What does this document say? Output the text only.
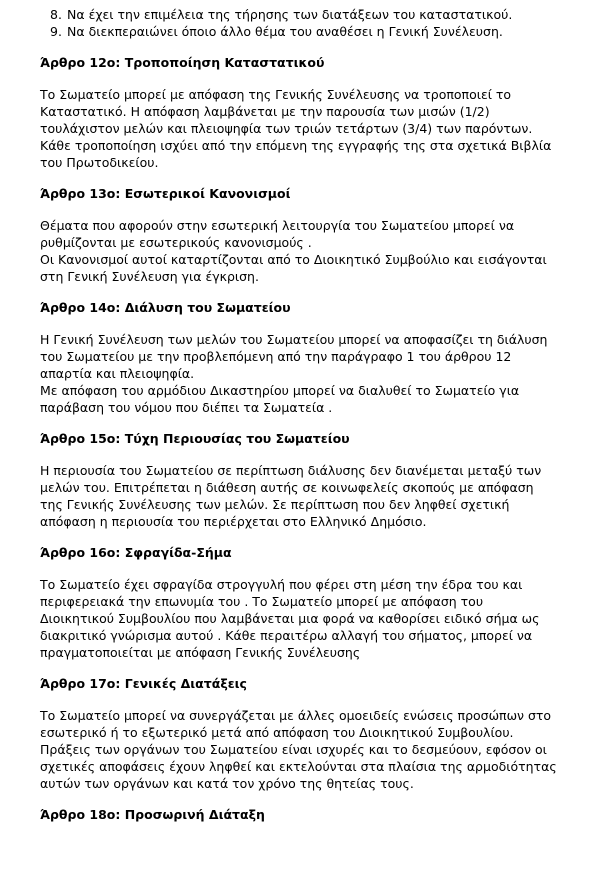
8. Να έχει την επιμέλεια της τήρησης των διατάξεων του καταστατικού.
9. Να διεκπεραιώνει όποιο άλλο θέμα του αναθέσει η Γενική Συνέλευση.
Άρθρο 12ο: Τροποποίηση Καταστατικού

Το Σωματείο μπορεί με απόφαση της Γενικής Συνέλευσης να τροποποιεί το Καταστατικό. Η απόφαση λαμβάνεται με την παρουσία των μισών (1/2) τουλάχιστον μελών και πλειοψηφία των τριών τετάρτων (3/4) των παρόντων.

Κάθε τροποποίηση ισχύει από την επόμενη της εγγραφής της στα σχετικά Βιβλία του Πρωτοδικείου.

Άρθρο 13ο: Εσωτερικοί Κανονισμοί

Θέματα που αφορούν στην εσωτερική λειτουργία του Σωματείου μπορεί να ρυθμίζονται με εσωτερικούς κανονισμούς .

Οι Κανονισμοί αυτοί καταρτίζονται από το Διοικητικό Συμβούλιο και εισάγονται στη Γενική Συνέλευση για έγκριση.

Άρθρο 14ο: Διάλυση του Σωματείου

Η Γενική Συνέλευση των μελών του Σωματείου μπορεί να αποφασίζει τη διάλυση του Σωματείου με την προβλεπόμενη από την παράγραφο 1 του άρθρου 12 απαρτία και πλειοψηφία.

Με απόφαση του αρμόδιου Δικαστηρίου μπορεί να διαλυθεί το Σωματείο για παράβαση του νόμου που διέπει τα Σωματεία .

Άρθρο 15ο: Τύχη Περιουσίας του Σωματείου

Η περιουσία του Σωματείου σε περίπτωση διάλυσης δεν διανέμεται μεταξύ των μελών του. Επιτρέπεται η διάθεση αυτής σε κοινωφελείς σκοπούς με απόφαση της Γενικής Συνέλευσης των μελών. Σε περίπτωση που δεν ληφθεί σχετική απόφαση η περιουσία του περιέρχεται στο Ελληνικό Δημόσιο.

Άρθρο 16ο: Σφραγίδα-Σήμα

Το Σωματείο έχει σφραγίδα στρογγυλή που φέρει στη μέση την έδρα του και περιφερειακά την επωνυμία του . Το Σωματείο μπορεί με απόφαση του Διοικητικού Συμβουλίου που λαμβάνεται μια φορά να καθορίσει ειδικό σήμα ως διακριτικό γνώρισμα αυτού . Κάθε περαιτέρω αλλαγή του σήματος, μπορεί να πραγματοποιείται με απόφαση Γενικής Συνέλευσης

Άρθρο 17ο: Γενικές Διατάξεις

Το Σωματείο μπορεί να συνεργάζεται με άλλες ομοειδείς ενώσεις προσώπων στο εσωτερικό ή το εξωτερικό μετά από απόφαση του Διοικητικού Συμβουλίου.

Πράξεις των οργάνων του Σωματείου είναι ισχυρές και το δεσμεύουν, εφόσον οι σχετικές αποφάσεις έχουν ληφθεί και εκτελούνται στα πλαίσια της αρμοδιότητας αυτών των οργάνων και κατά τον χρόνο της θητείας τους.

Άρθρο 18ο: Προσωρινή Διάταξη
